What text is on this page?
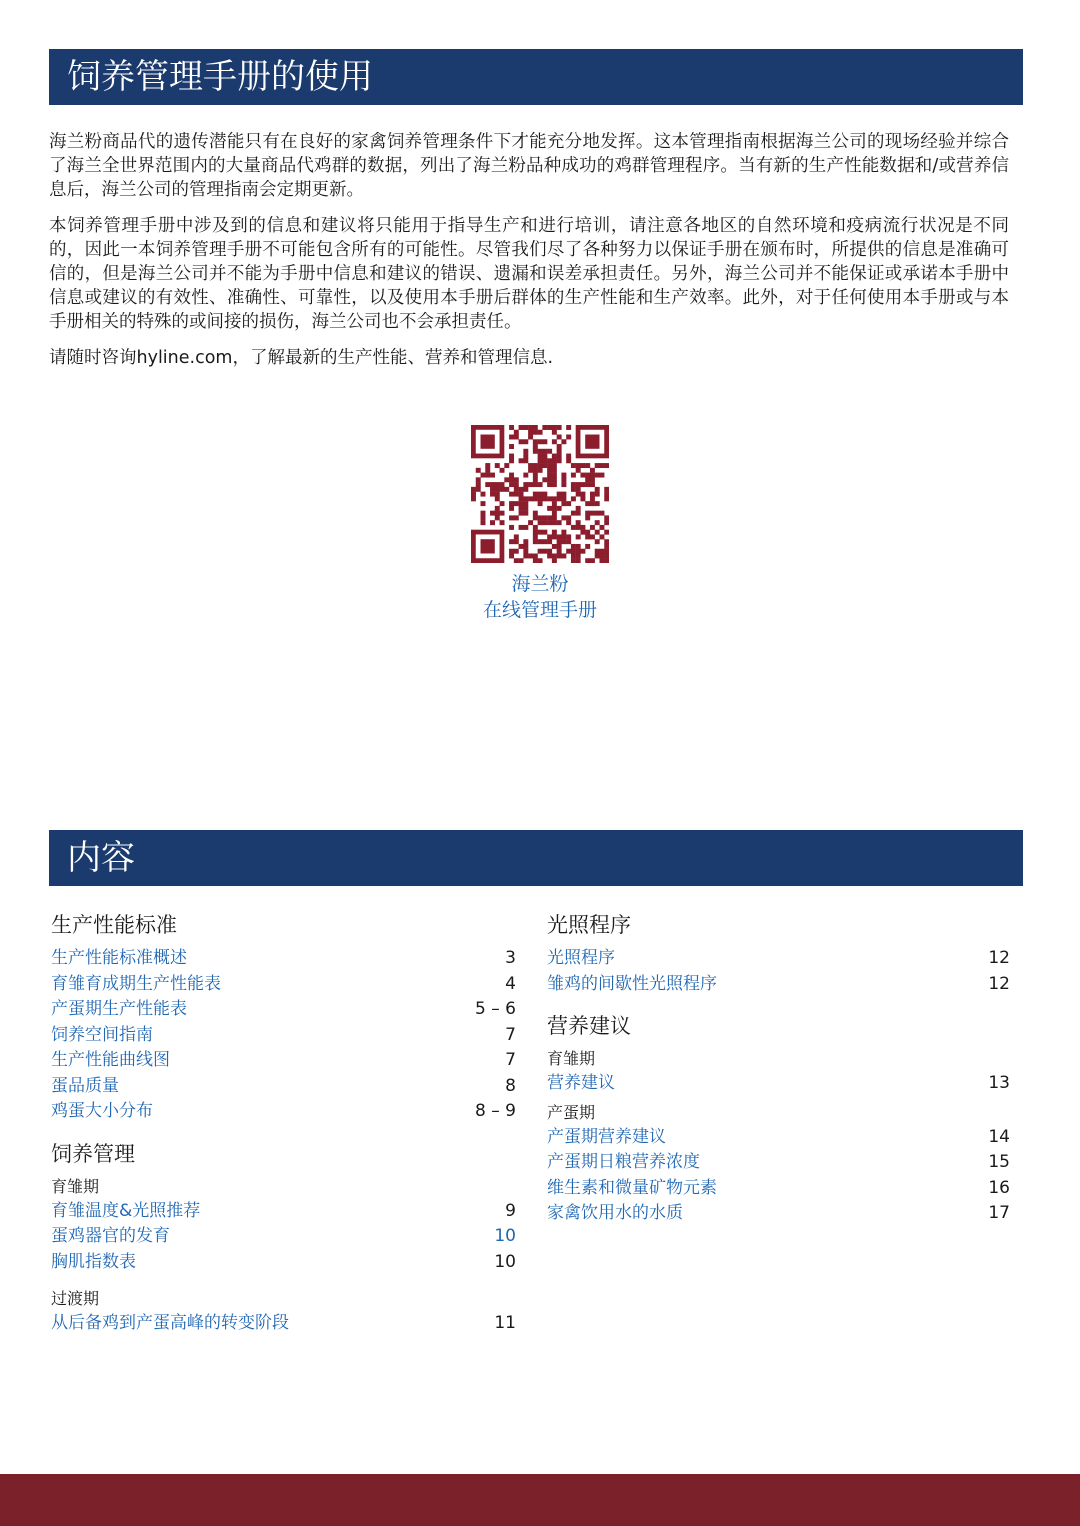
饲养管理手册的使用

海兰粉商品代的遗传潜能只有在良好的家禽饲养管理条件下才能充分地发挥。这本管理指南根据海兰公司的现场经验并综合了海兰全世界范围内的大量商品代鸡群的数据，列出了海兰粉品种成功的鸡群管理程序。当有新的生产性能数据和/或营养信息后，海兰公司的管理指南会定期更新。

本饲养管理手册中涉及到的信息和建议将只能用于指导生产和进行培训，请注意各地区的自然环境和疫病流行状况是不同的，因此一本饲养管理手册不可能包含所有的可能性。尽管我们尽了各种努力以保证手册在颁布时，所提供的信息是准确可信的，但是海兰公司并不能为手册中信息和建议的错误、遗漏和误差承担责任。另外，海兰公司并不能保证或承诺本手册中信息或建议的有效性、准确性、可靠性，以及使用本手册后群体的生产性能和生产效率。此外，对于任何使用本手册或与本手册相关的特殊的或间接的损伤，海兰公司也不会承担责任。

请随时咨询hyline.com，了解最新的生产性能、营养和管理信息.

海兰粉
在线管理手册
内容
生产性能标准
生产性能标准概述	3
育雏育成期生产性能表	4
产蛋期生产性能表	5 – 6
饲养空间指南	7
生产性能曲线图	7
蛋品质量	8
鸡蛋大小分布	8 – 9
饲养管理
育雏期
育雏温度&光照推荐	9
蛋鸡器官的发育	10
胸肌指数表	10
过渡期
从后备鸡到产蛋高峰的转变阶段	11
光照程序
光照程序	12
雏鸡的间歇性光照程序	12
营养建议
育雏期
营养建议	13
产蛋期
产蛋期营养建议	14
产蛋期日粮营养浓度	15
维生素和微量矿物元素	16
家禽饮用水的水质	17
